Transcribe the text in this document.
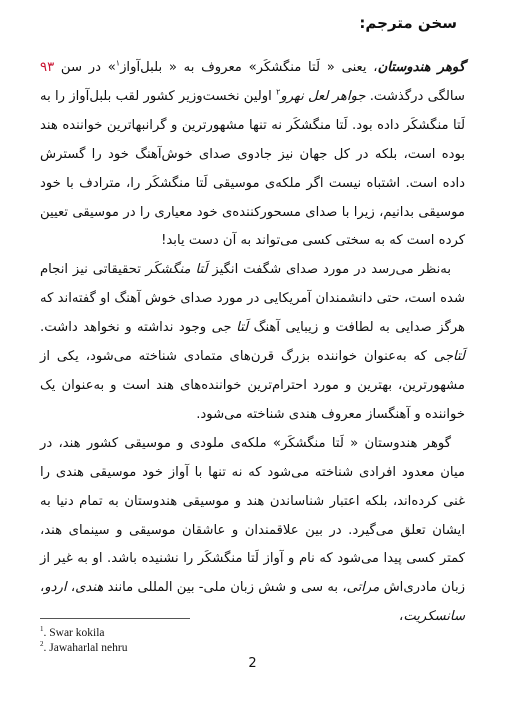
سخن مترجم:

گوهر هندوستان، یعنی « لَتا منگشکَر» معروف به « بلبل‌آواز$^۱$» در سن ۹۳ سالگی درگذشت. جواهر لعل نهرو$^۲$ اولین نخست‌وزیر کشور لقب بلبل‌آواز را به لَتا منگشکَر داده بود. لَتا منگشکَر نه تنها مشهورترین و گرانبهاترین خواننده هند بوده است، بلکه در کل جهان نیز جادوی صدای خوش‌آهنگ خود را گسترش داده است. اشتباه نیست اگر ملکه‌ی موسیقی لَتا منگشکَر را، مترادف با خود موسیقی بدانیم، زیرا با صدای مسحورکننده‌ی خود معیاری را در موسیقی تعیین کرده است که به سختی کسی می‌تواند به آن دست یابد!

به‌نظر می‌رسد در مورد صدای شگفت انگیز لَتا منگشکَر تحقیقاتی نیز انجام شده است، حتی دانشمندان آمریکایی در مورد صدای خوش آهنگ او گفته‌اند که هرگز صدایی به لطافت و زیبایی آهنگ لَتا جی وجود نداشته و نخواهد داشت. لَتاجی که به‌عنوان خواننده بزرگ قرن‌های متمادی شناخته می‌شود، یکی از مشهورترین، بهترین و مورد احترام‌ترین خواننده‌های هند است و به‌عنوان یک خواننده و آهنگساز معروف هندی شناخته می‌شود.

گوهر هندوستان « لَتا منگشکَر» ملکه‌ی ملودی و موسیقی کشور هند، در میان معدود افرادی شناخته می‌شود که نه تنها با آواز خود موسیقی هندی را غنی کرده‌اند، بلکه اعتبار شناساندن هند و موسیقی هندوستان به تمام دنیا به ایشان تعلق می‌گیرد. در بین علاقمندان و عاشقان موسیقی و سینمای هند، کمتر کسی پیدا می‌شود که نام و آواز لَتا منگشکَر را نشنیده باشد. او به غیر از زبان مادری‌اش مراتی، به سی و شش زبان ملی- بین المللی مانند هندی، اردو، سانسکریت،

$^1$. Swar kokila
$^2$. Jawaharlal nehru
2
